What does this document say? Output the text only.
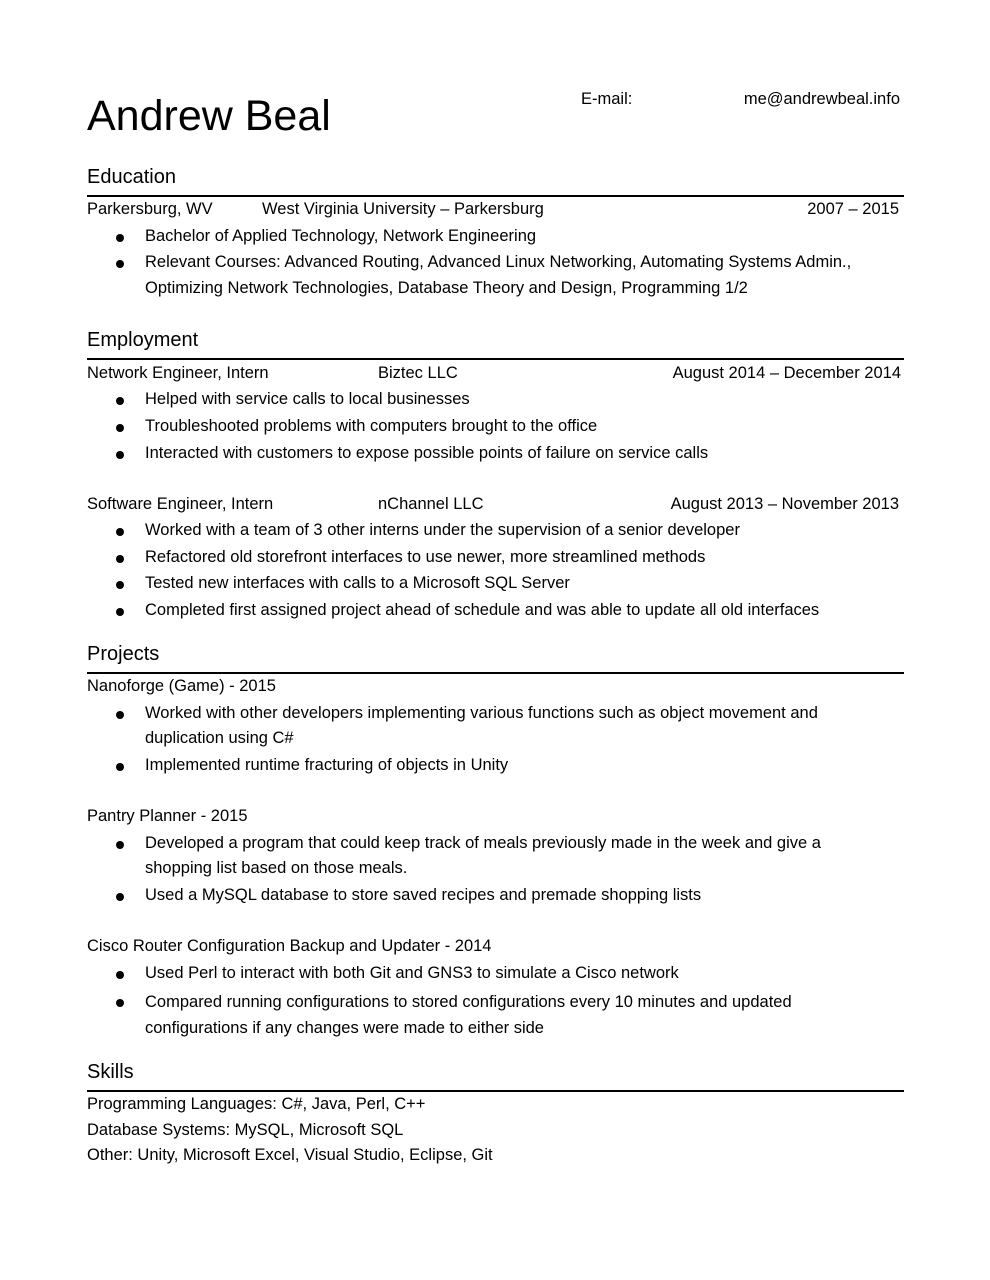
Andrew Beal	E-mail:	me@andrewbeal.info
Education
Parkersburg, WV	West Virginia University – Parkersburg	2007 – 2015
Bachelor of Applied Technology, Network Engineering
Relevant Courses: Advanced Routing, Advanced Linux Networking, Automating Systems Admin.,
Optimizing Network Technologies, Database Theory and Design, Programming 1/2
Employment
Network Engineer, Intern	Biztec LLC	August 2014 – December 2014
Helped with service calls to local businesses
Troubleshooted problems with computers brought to the office
Interacted with customers to expose possible points of failure on service calls
Software Engineer, Intern	nChannel LLC	August 2013 – November 2013
Worked with a team of 3 other interns under the supervision of a senior developer
Refactored old storefront interfaces to use newer, more streamlined methods
Tested new interfaces with calls to a Microsoft SQL Server
Completed first assigned project ahead of schedule and was able to update all old interfaces
Projects
Nanoforge (Game) - 2015
Worked with other developers implementing various functions such as object movement and
duplication using C#
Implemented runtime fracturing of objects in Unity
Pantry Planner - 2015
Developed a program that could keep track of meals previously made in the week and give a
shopping list based on those meals.
Used a MySQL database to store saved recipes and premade shopping lists
Cisco Router Configuration Backup and Updater - 2014
Used Perl to interact with both Git and GNS3 to simulate a Cisco network
Compared running configurations to stored configurations every 10 minutes and updated
configurations if any changes were made to either side
Skills
Programming Languages: C#, Java, Perl, C++
Database Systems: MySQL, Microsoft SQL
Other: Unity, Microsoft Excel, Visual Studio, Eclipse, Git
